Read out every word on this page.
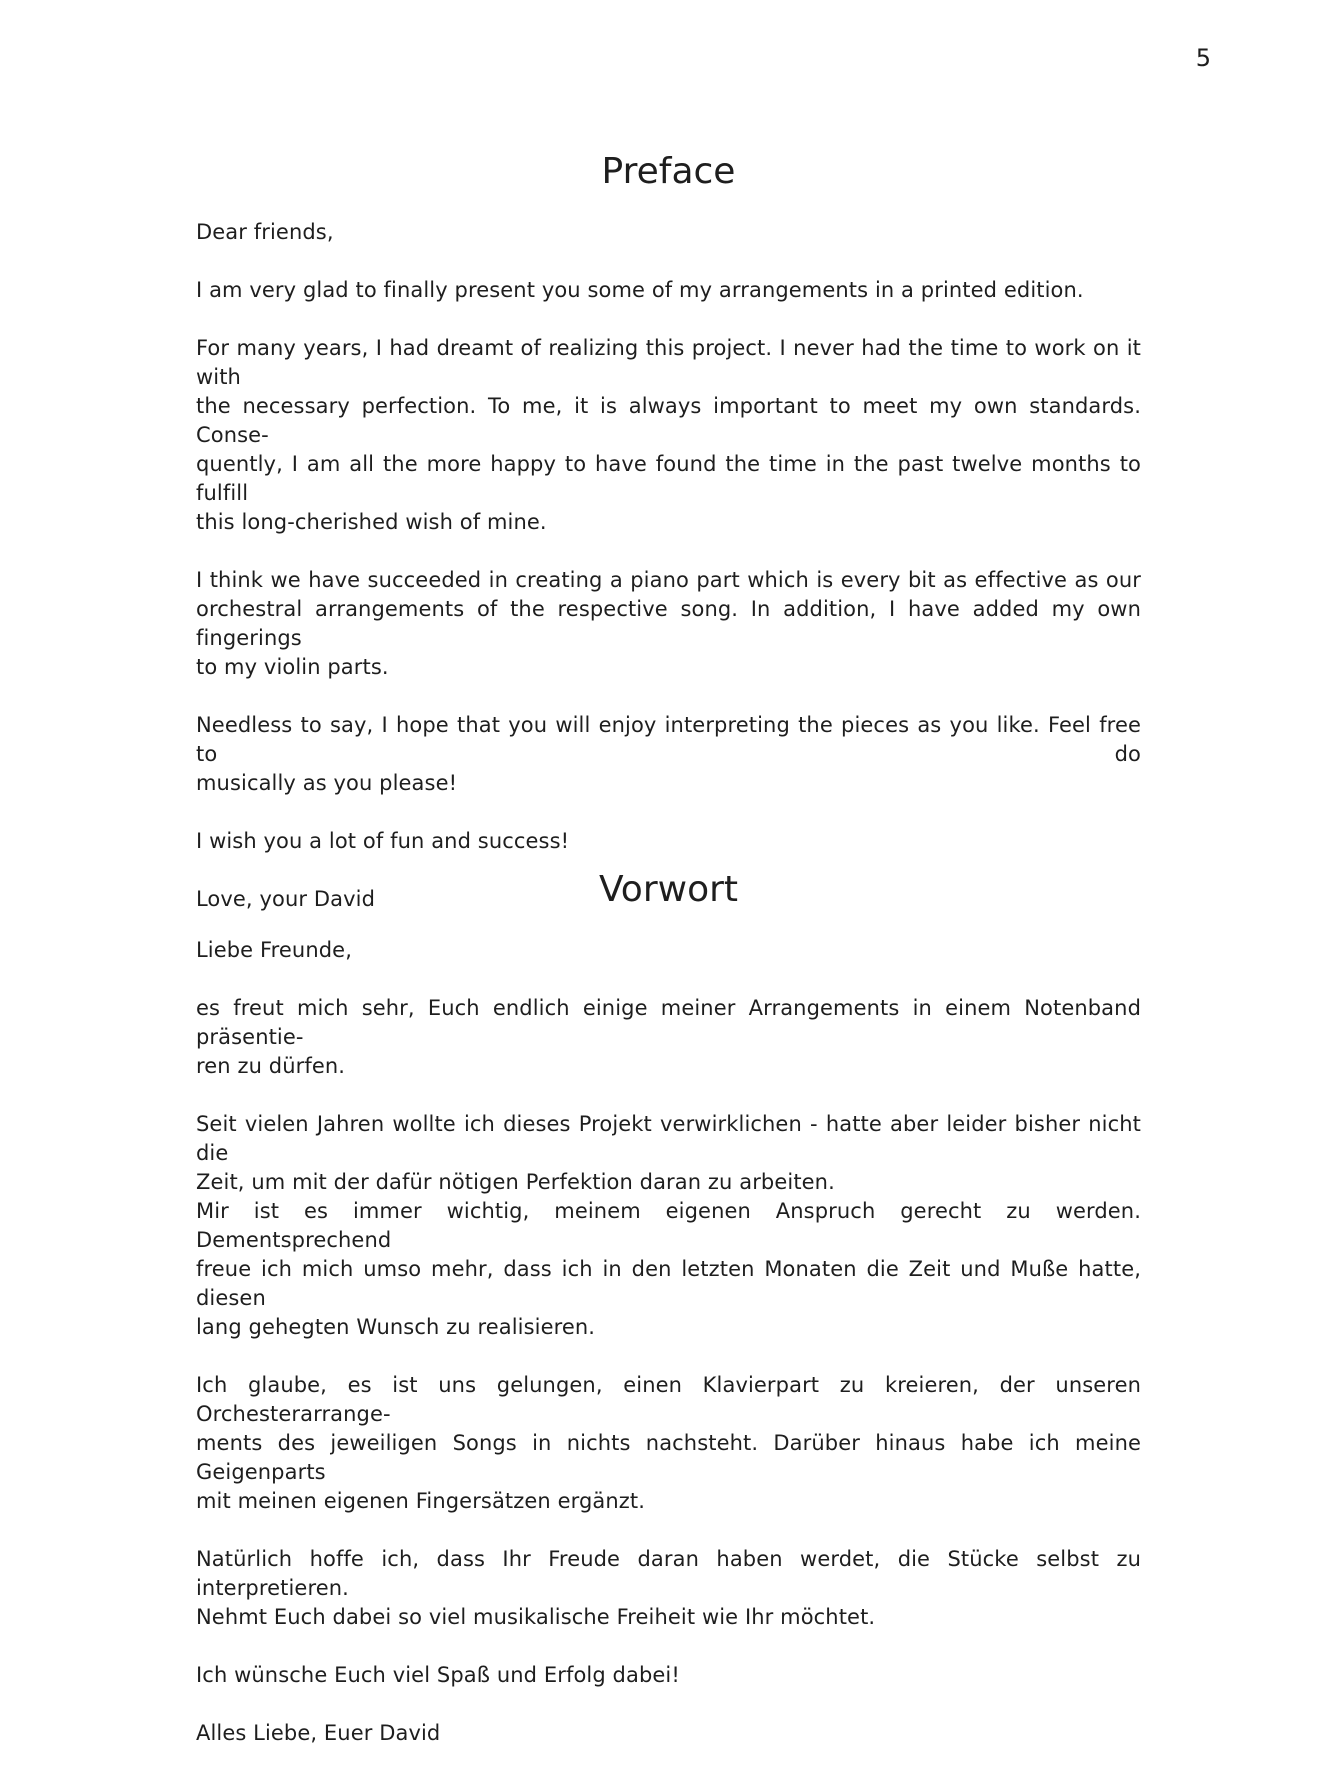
5
Preface

Dear friends,

I am very glad to finally present you some of my arrangements in a printed edition.

For many years, I had dreamt of realizing this project. I never had the time to work on it with
the necessary perfection. To me, it is always important to meet my own standards. Conse-
quently, I am all the more happy to have found the time in the past twelve months to fulfill
this long-cherished wish of mine.

I think we have succeeded in creating a piano part which is every bit as effective as our
orchestral arrangements of the respective song. In addition, I have added my own fingerings
to my violin parts.

Needless to say, I hope that you will enjoy interpreting the pieces as you like. Feel free to do
musically as you please!

I wish you a lot of fun and success!

Love, your David	Vorwort

Liebe Freunde,

es freut mich sehr, Euch endlich einige meiner Arrangements in einem Notenband präsentie-
ren zu dürfen.

Seit vielen Jahren wollte ich dieses Projekt verwirklichen - hatte aber leider bisher nicht die
Zeit, um mit der dafür nötigen Perfektion daran zu arbeiten.
Mir ist es immer wichtig, meinem eigenen Anspruch gerecht zu werden. Dementsprechend
freue ich mich umso mehr, dass ich in den letzten Monaten die Zeit und Muße hatte, diesen
lang gehegten Wunsch zu realisieren.

Ich glaube, es ist uns gelungen, einen Klavierpart zu kreieren, der unseren Orchesterarrange-
ments des jeweiligen Songs in nichts nachsteht. Darüber hinaus habe ich meine Geigenparts
mit meinen eigenen Fingersätzen ergänzt.

Natürlich hoffe ich, dass Ihr Freude daran haben werdet, die Stücke selbst zu interpretieren.
Nehmt Euch dabei so viel musikalische Freiheit wie Ihr möchtet.

Ich wünsche Euch viel Spaß und Erfolg dabei!

Alles Liebe, Euer David
